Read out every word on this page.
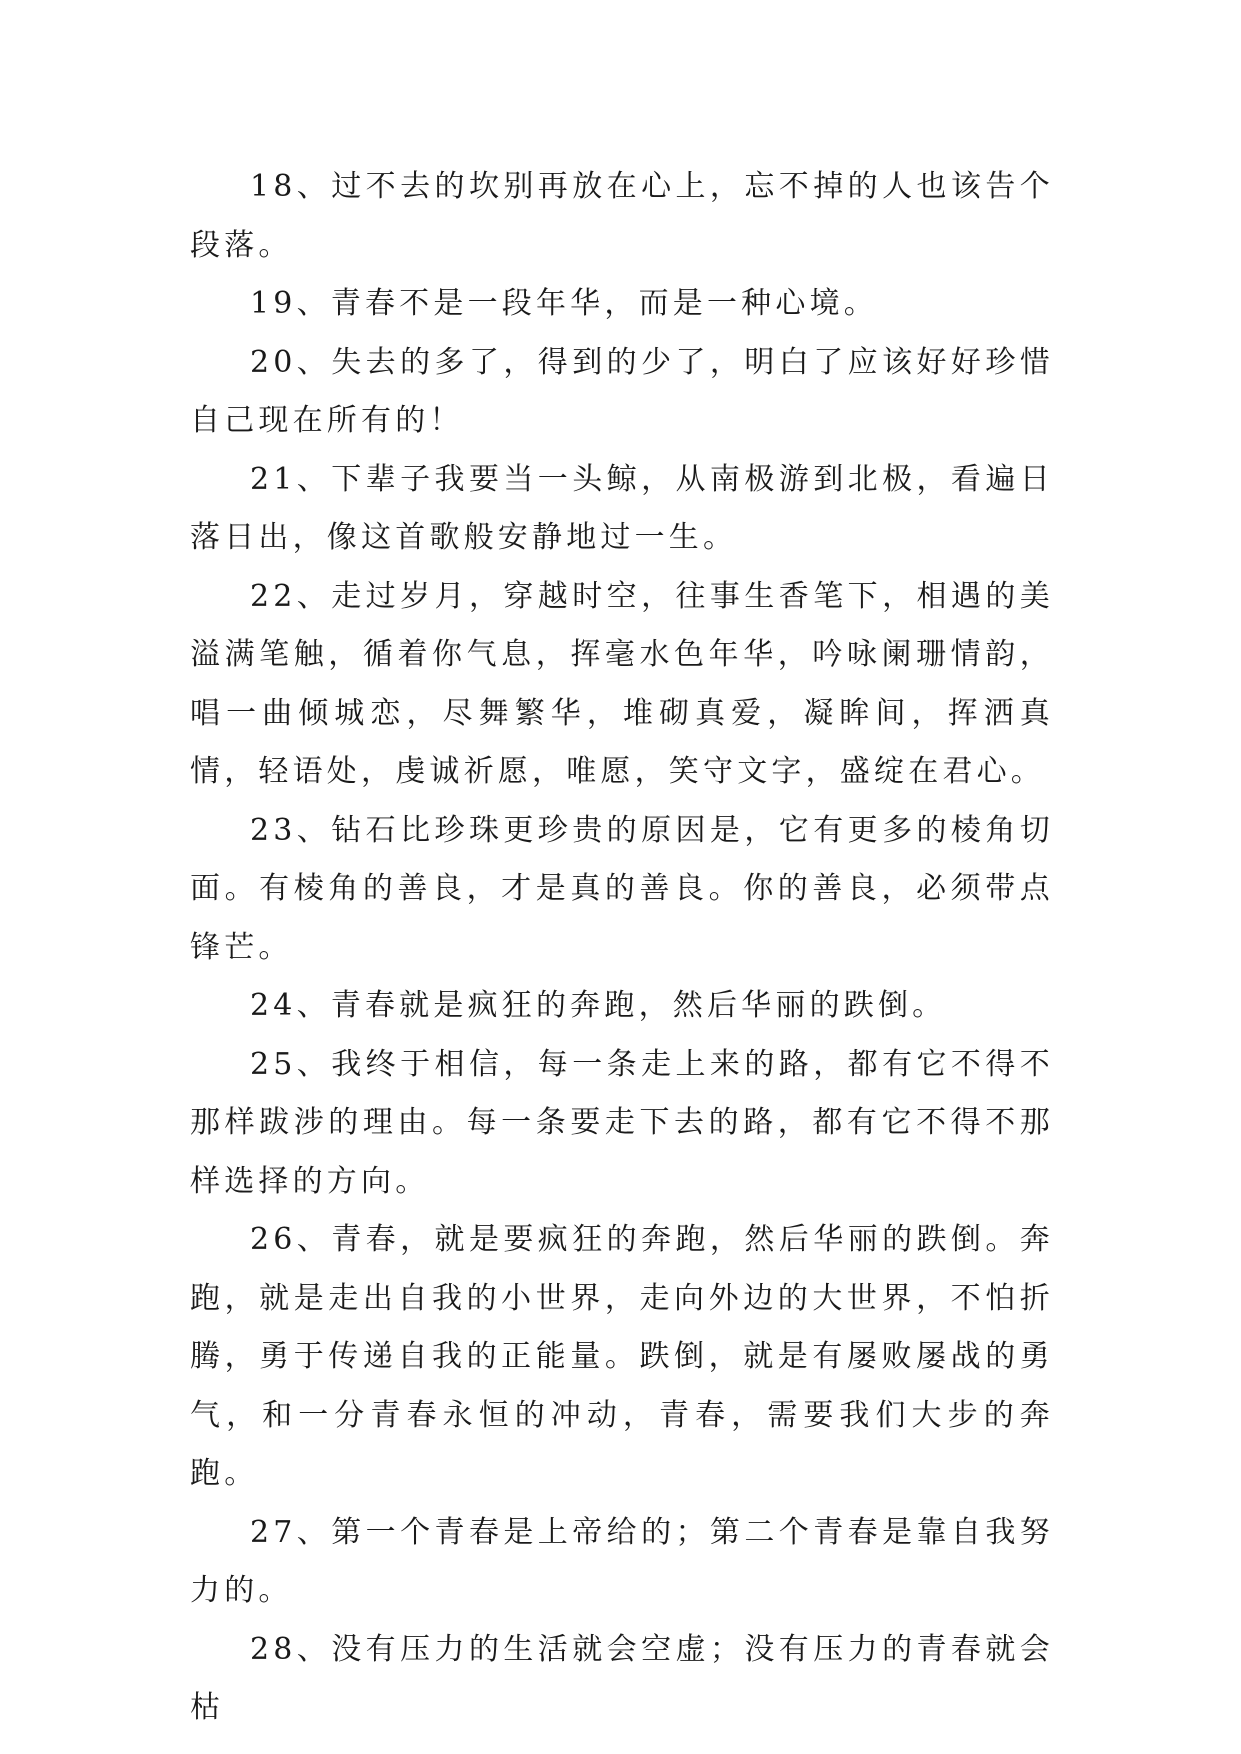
18、过不去的坎别再放在心上，忘不掉的人也该告个段落。

19、青春不是一段年华，而是一种心境。

20、失去的多了，得到的少了，明白了应该好好珍惜自己现在所有的！

21、下辈子我要当一头鲸，从南极游到北极，看遍日落日出，像这首歌般安静地过一生。

22、走过岁月，穿越时空，往事生香笔下，相遇的美溢满笔触，循着你气息，挥毫水色年华，吟咏阑珊情韵，唱一曲倾城恋，尽舞繁华，堆砌真爱，凝眸间，挥洒真情，轻语处，虔诚祈愿，唯愿，笑守文字，盛绽在君心。

23、钻石比珍珠更珍贵的原因是，它有更多的棱角切面。有棱角的善良，才是真的善良。你的善良，必须带点锋芒。

24、青春就是疯狂的奔跑，然后华丽的跌倒。

25、我终于相信，每一条走上来的路，都有它不得不那样跋涉的理由。每一条要走下去的路，都有它不得不那样选择的方向。

26、青春，就是要疯狂的奔跑，然后华丽的跌倒。奔跑，就是走出自我的小世界，走向外边的大世界，不怕折腾，勇于传递自我的正能量。跌倒，就是有屡败屡战的勇气，和一分青春永恒的冲动，青春，需要我们大步的奔跑。

27、第一个青春是上帝给的；第二个青春是靠自我努力的。

28、没有压力的生活就会空虚；没有压力的青春就会枯
